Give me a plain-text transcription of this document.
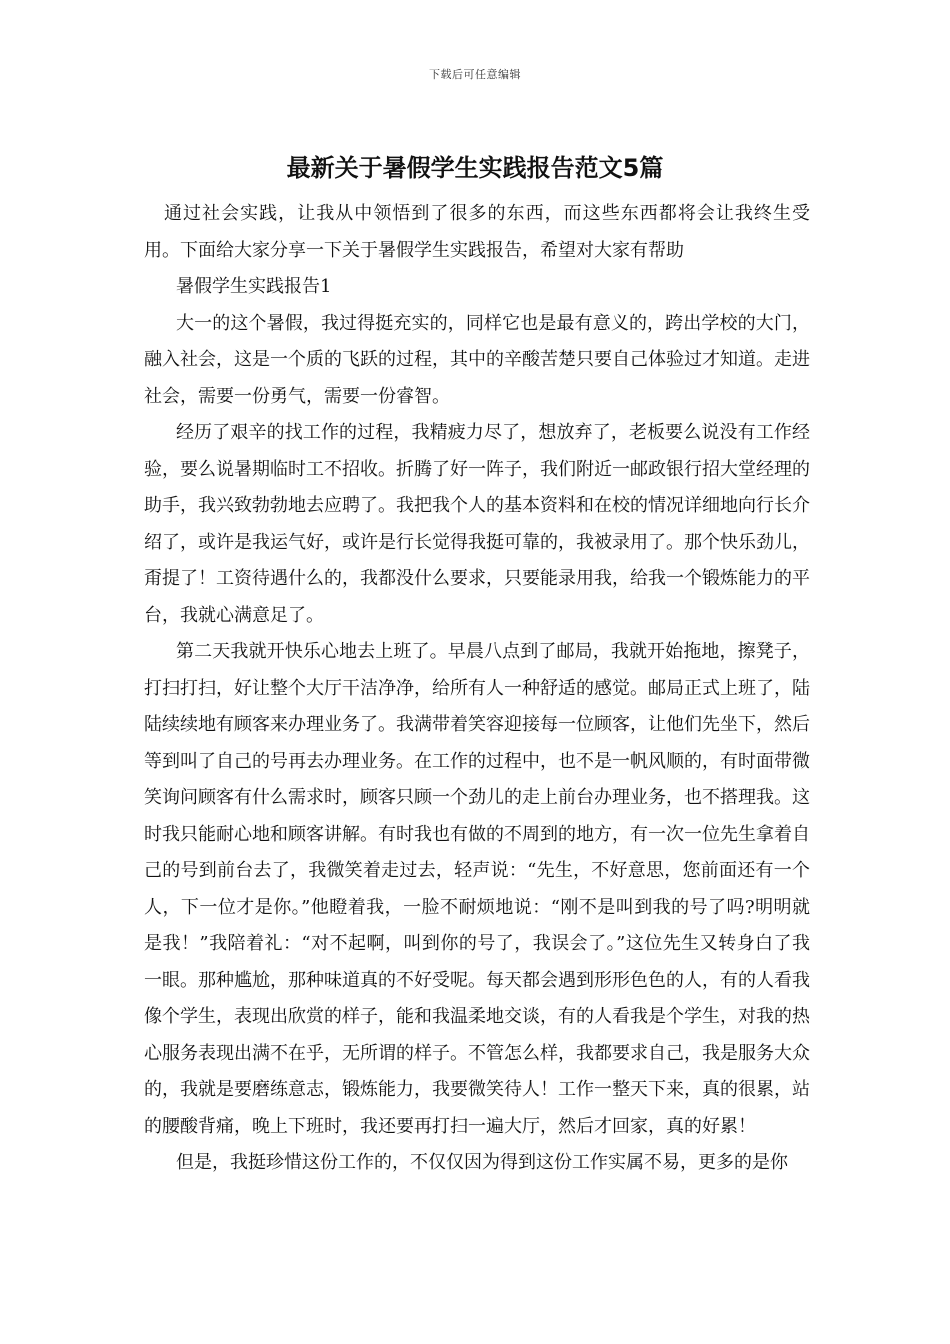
下载后可任意编辑
最新关于暑假学生实践报告范文5篇

通过社会实践，让我从中领悟到了很多的东西，而这些东西都将会让我终生受用。下面给大家分享一下关于暑假学生实践报告，希望对大家有帮助

暑假学生实践报告1

大一的这个暑假，我过得挺充实的，同样它也是最有意义的，跨出学校的大门，融入社会，这是一个质的飞跃的过程，其中的辛酸苦楚只要自己体验过才知道。走进社会，需要一份勇气，需要一份睿智。

经历了艰辛的找工作的过程，我精疲力尽了，想放弃了，老板要么说没有工作经验，要么说暑期临时工不招收。折腾了好一阵子，我们附近一邮政银行招大堂经理的助手，我兴致勃勃地去应聘了。我把我个人的基本资料和在校的情况详细地向行长介绍了，或许是我运气好，或许是行长觉得我挺可靠的，我被录用了。那个快乐劲儿，甭提了！工资待遇什么的，我都没什么要求，只要能录用我，给我一个锻炼能力的平台，我就心满意足了。

第二天我就开快乐心地去上班了。早晨八点到了邮局，我就开始拖地，擦凳子，打扫打扫，好让整个大厅干洁净净，给所有人一种舒适的感觉。邮局正式上班了，陆陆续续地有顾客来办理业务了。我满带着笑容迎接每一位顾客，让他们先坐下，然后等到叫了自己的号再去办理业务。在工作的过程中，也不是一帆风顺的，有时面带微笑询问顾客有什么需求时，顾客只顾一个劲儿的走上前台办理业务，也不搭理我。这时我只能耐心地和顾客讲解。有时我也有做的不周到的地方，有一次一位先生拿着自己的号到前台去了，我微笑着走过去，轻声说：“先生，不好意思，您前面还有一个人，下一位才是你。”他瞪着我，一脸不耐烦地说：“刚不是叫到我的号了吗?明明就是我！”我陪着礼：“对不起啊，叫到你的号了，我误会了。”这位先生又转身白了我一眼。那种尴尬，那种味道真的不好受呢。每天都会遇到形形色色的人，有的人看我像个学生，表现出欣赏的样子，能和我温柔地交谈，有的人看我是个学生，对我的热心服务表现出满不在乎，无所谓的样子。不管怎么样，我都要求自己，我是服务大众的，我就是要磨练意志，锻炼能力，我要微笑待人！工作一整天下来，真的很累，站的腰酸背痛，晚上下班时，我还要再打扫一遍大厅，然后才回家，真的好累！

但是，我挺珍惜这份工作的，不仅仅因为得到这份工作实属不易，更多的是你
